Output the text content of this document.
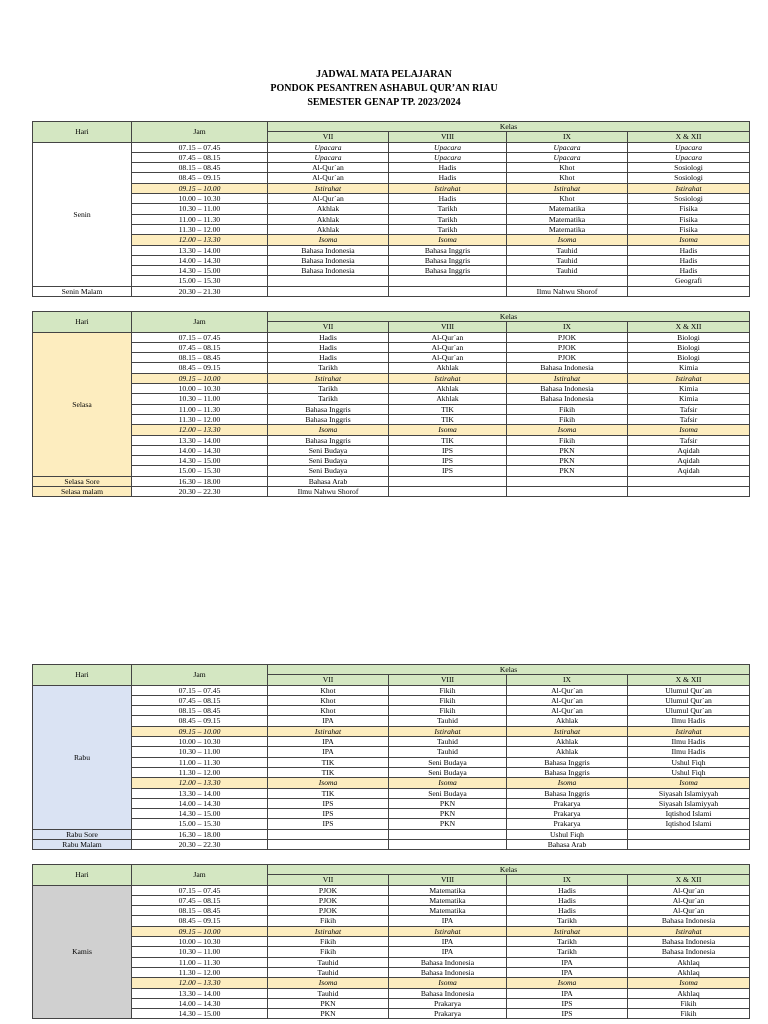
JADWAL MATA PELAJARAN
PONDOK PESANTREN ASHABUL QUR’AN RIAU
SEMESTER GENAP TP. 2023/2024
Hari	Jam	Kelas			
		VII	VIII	IX	X & XII
Senin	07.15 – 07.45	Upacara	Upacara	Upacara	Upacara
	07.45 – 08.15	Upacara	Upacara	Upacara	Upacara
	08.15 – 08.45	Al-Qur`an	Hadis	Khot	Sosiologi
	08.45 – 09.15	Al-Qur`an	Hadis	Khot	Sosiologi
	09.15 – 10.00	Istirahat	Istirahat	Istirahat	Istirahat
	10.00 – 10.30	Al-Qur`an	Hadis	Khot	Sosiologi
	10.30 – 11.00	Akhlak	Tarikh	Matematika	Fisika
	11.00 – 11.30	Akhlak	Tarikh	Matematika	Fisika
	11.30 – 12.00	Akhlak	Tarikh	Matematika	Fisika
	12.00 – 13.30	Isoma	Isoma	Isoma	Isoma
	13.30 – 14.00	Bahasa Indonesia	Bahasa Inggris	Tauhid	Hadis
	14.00 – 14.30	Bahasa Indonesia	Bahasa Inggris	Tauhid	Hadis
	14.30 – 15.00	Bahasa Indonesia	Bahasa Inggris	Tauhid	Hadis
	15.00 – 15.30				Geografi
Senin Malam	20.30 – 21.30			Ilmu Nahwu Shorof	
Hari	Jam	Kelas			
		VII	VIII	IX	X & XII
Selasa	07.15 – 07.45	Hadis	Al-Qur`an	PJOK	Biologi
	07.45 – 08.15	Hadis	Al-Qur`an	PJOK	Biologi
	08.15 – 08.45	Hadis	Al-Qur`an	PJOK	Biologi
	08.45 – 09.15	Tarikh	Akhlak	Bahasa Indonesia	Kimia
	09.15 – 10.00	Istirahat	Istirahat	Istirahat	Istirahat
	10.00 – 10.30	Tarikh	Akhlak	Bahasa Indonesia	Kimia
	10.30 – 11.00	Tarikh	Akhlak	Bahasa Indonesia	Kimia
	11.00 – 11.30	Bahasa Inggris	TIK	Fikih	Tafsir
	11.30 – 12.00	Bahasa Inggris	TIK	Fikih	Tafsir
	12.00 – 13.30	Isoma	Isoma	Isoma	Isoma
	13.30 – 14.00	Bahasa Inggris	TIK	Fikih	Tafsir
	14.00 – 14.30	Seni Budaya	IPS	PKN	Aqidah
	14.30 – 15.00	Seni Budaya	IPS	PKN	Aqidah
	15.00 – 15.30	Seni Budaya	IPS	PKN	Aqidah
Selasa Sore	16.30 – 18.00	Bahasa Arab			
Selasa malam	20.30 – 22.30	Ilmu Nahwu Shorof			
Hari	Jam	Kelas			
		VII	VIII	IX	X & XII
Rabu	07.15 – 07.45	Khot	Fikih	Al-Qur`an	Ulumul Qur`an
	07.45 – 08.15	Khot	Fikih	Al-Qur`an	Ulumul Qur`an
	08.15 – 08.45	Khot	Fikih	Al-Qur`an	Ulumul Qur`an
	08.45 – 09.15	IPA	Tauhid	Akhlak	Ilmu Hadis
	09.15 – 10.00	Istirahat	Istirahat	Istirahat	Istirahat
	10.00 – 10.30	IPA	Tauhid	Akhlak	Ilmu Hadis
	10.30 – 11.00	IPA	Tauhid	Akhlak	Ilmu Hadis
	11.00 – 11.30	TIK	Seni Budaya	Bahasa Inggris	Ushul Fiqh
	11.30 – 12.00	TIK	Seni Budaya	Bahasa Inggris	Ushul Fiqh
	12.00 – 13.30	Isoma	Isoma	Isoma	Isoma
	13.30 – 14.00	TIK	Seni Budaya	Bahasa Inggris	Siyasah Islamiyyah
	14.00 – 14.30	IPS	PKN	Prakarya	Siyasah Islamiyyah
	14.30 – 15.00	IPS	PKN	Prakarya	Iqtishod Islami
	15.00 – 15.30	IPS	PKN	Prakarya	Iqtishod Islami
Rabu Sore	16.30 – 18.00			Ushul Fiqh	
Rabu Malam	20.30 – 22.30			Bahasa Arab	
Hari	Jam	Kelas			
		VII	VIII	IX	X & XII
Kamis	07.15 – 07.45	PJOK	Matematika	Hadis	Al-Qur`an
	07.45 – 08.15	PJOK	Matematika	Hadis	Al-Qur`an
	08.15 – 08.45	PJOK	Matematika	Hadis	Al-Qur`an
	08.45 – 09.15	Fikih	IPA	Tarikh	Bahasa Indonesia
	09.15 – 10.00	Istirahat	Istirahat	Istirahat	Istirahat
	10.00 – 10.30	Fikih	IPA	Tarikh	Bahasa Indonesia
	10.30 – 11.00	Fikih	IPA	Tarikh	Bahasa Indonesia
	11.00 – 11.30	Tauhid	Bahasa Indonesia	IPA	Akhlaq
	11.30 – 12.00	Tauhid	Bahasa Indonesia	IPA	Akhlaq
	12.00 – 13.30	Isoma	Isoma	Isoma	Isoma
	13.30 – 14.00	Tauhid	Bahasa Indonesia	IPA	Akhlaq
	14.00 – 14.30	PKN	Prakarya	IPS	Fikih
	14.30 – 15.00	PKN	Prakarya	IPS	Fikih
